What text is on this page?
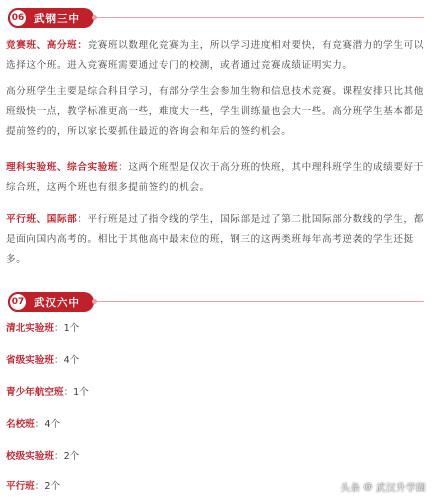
06 武钢三中
竞赛班、高分班：竞赛班以数理化竞赛为主，所以学习进度相对要快，有竞赛潜力的学生可以选择这个班。进入竞赛班需要通过专门的校测，或者通过竞赛成绩证明实力。
高分班学生主要是综合科目学习，有部分学生会参加生物和信息技术竞赛。课程安排只比其他班级快一点，教学标准更高一些，难度大一些，学生训练量也会大一些。高分班学生基本都是提前签约的，所以家长要抓住最近的咨询会和年后的签约机会。
理科实验班、综合实验班：这两个班型是仅次于高分班的快班，其中理科班学生的成绩要好于综合班，这两个班也有很多提前签约的机会。
平行班、国际部：平行班是过了指令线的学生，国际部是过了第二批国际部分数线的学生，都是面向国内高考的。相比于其他高中最末位的班，钢三的这两类班每年高考逆袭的学生还挺多。
07 武汉六中
清北实验班：1个
省级实验班：4个
青少年航空班：1个
名校班：4个
校级实验班：2个
平行班：2个	头条 @ 武汉升学圈
